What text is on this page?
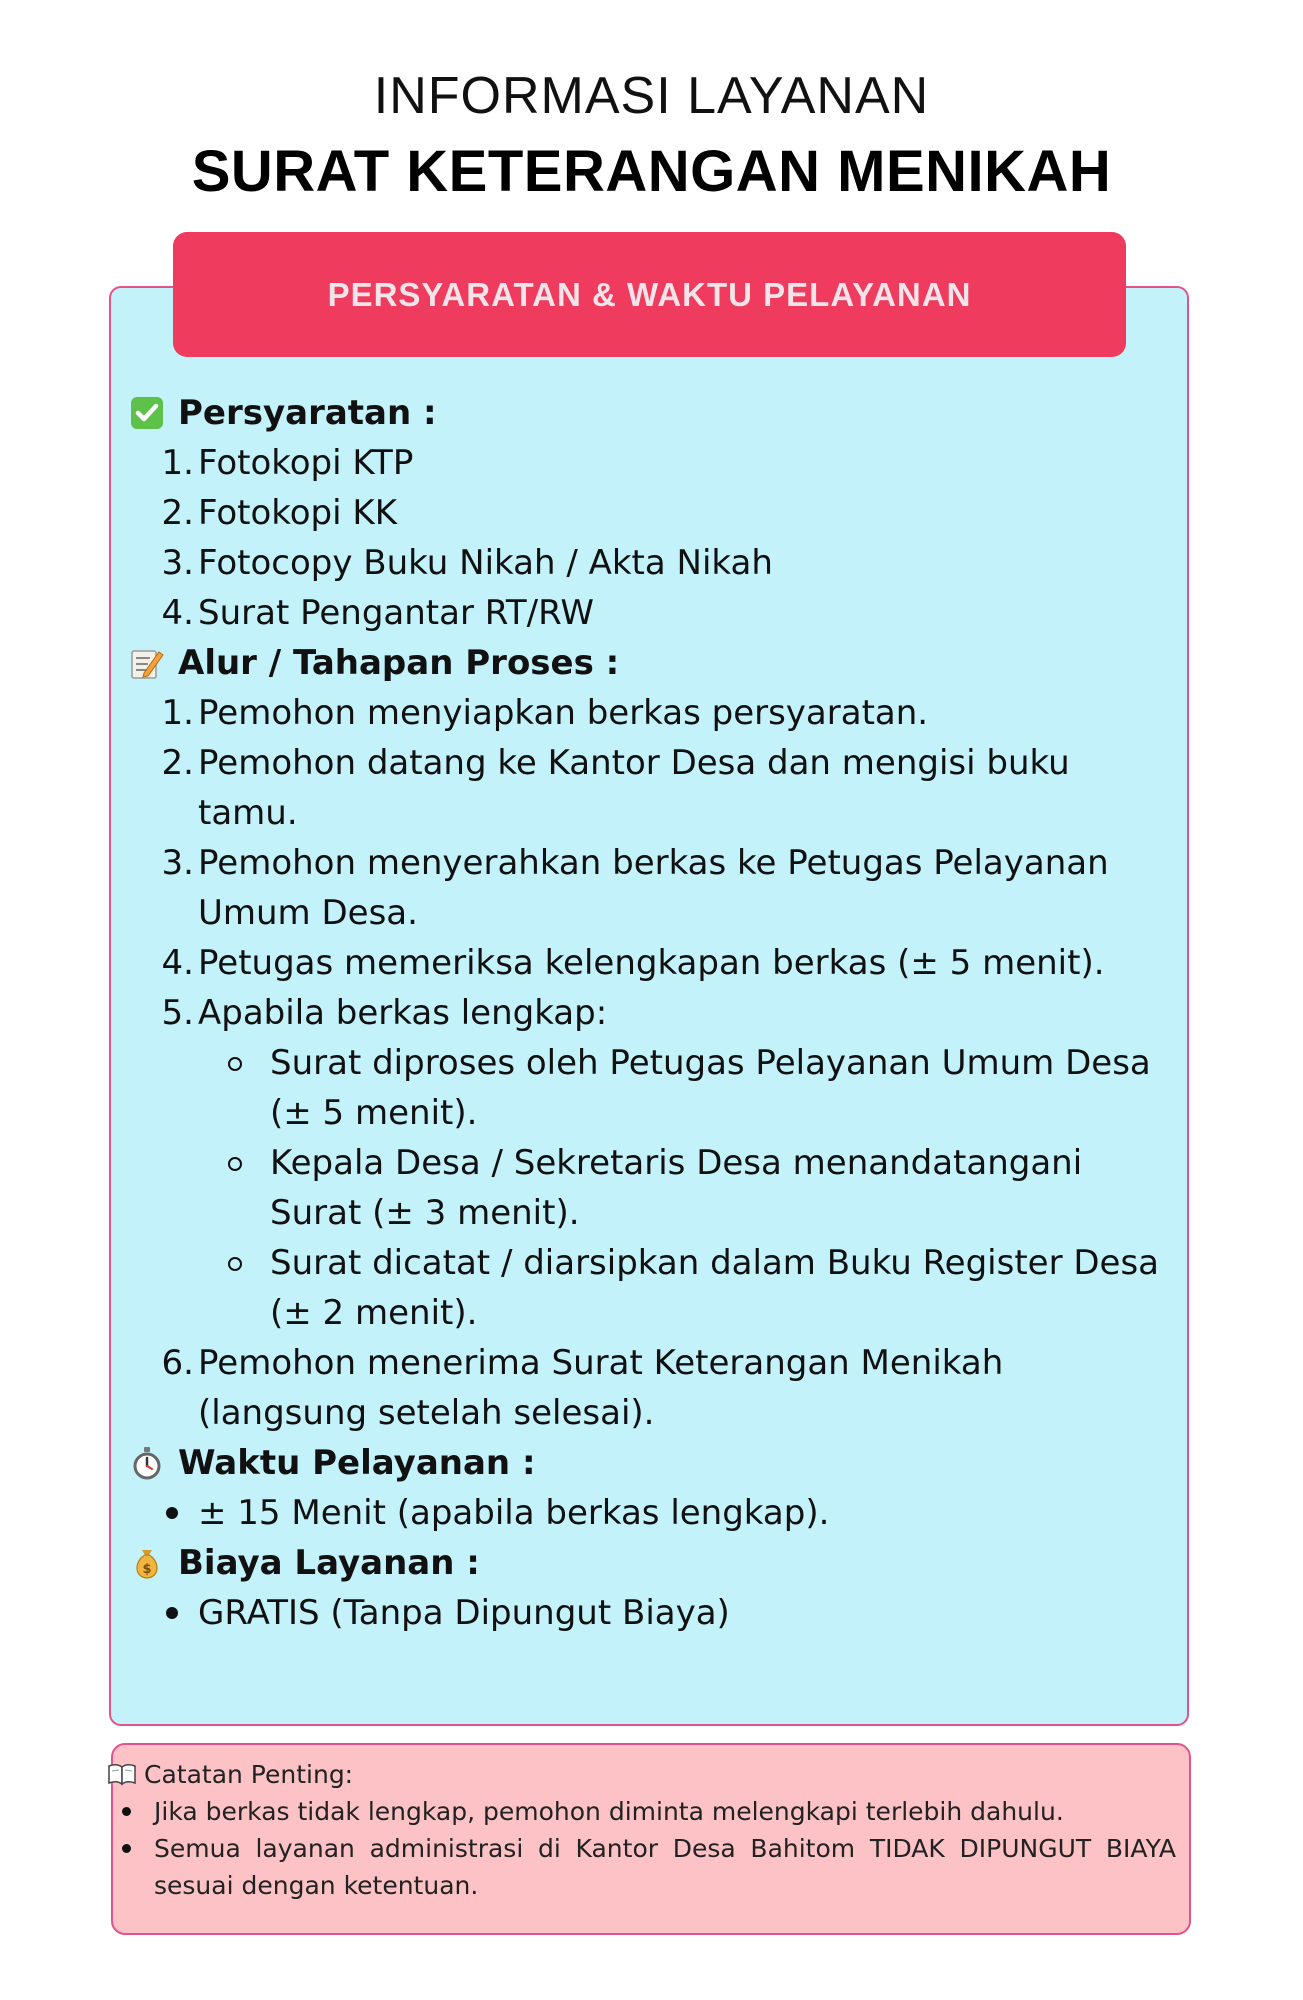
INFORMASI LAYANAN
SURAT KETERANGAN MENIKAH
PERSYARATAN & WAKTU PELAYANAN
Persyaratan :
1. Fotokopi KTP
2. Fotokopi KK
3. Fotocopy Buku Nikah / Akta Nikah
4. Surat Pengantar RT/RW
Alur / Tahapan Proses :
1. Pemohon menyiapkan berkas persyaratan.
2. Pemohon datang ke Kantor Desa dan mengisi buku tamu.
3. Pemohon menyerahkan berkas ke Petugas Pelayanan Umum Desa.
4. Petugas memeriksa kelengkapan berkas (± 5 menit).
5. Apabila berkas lengkap:
Surat diproses oleh Petugas Pelayanan Umum Desa (± 5 menit).
Kepala Desa / Sekretaris Desa menandatangani Surat (± 3 menit).
Surat dicatat / diarsipkan dalam Buku Register Desa (± 2 menit).
6. Pemohon menerima Surat Keterangan Menikah (langsung setelah selesai).
Waktu Pelayanan :
± 15 Menit (apabila berkas lengkap).
$ Biaya Layanan :
GRATIS (Tanpa Dipungut Biaya)
Catatan Penting:
Jika berkas tidak lengkap, pemohon diminta melengkapi terlebih dahulu.
Semua layanan administrasi di Kantor Desa Bahitom TIDAK DIPUNGUT BIAYA sesuai dengan ketentuan.
